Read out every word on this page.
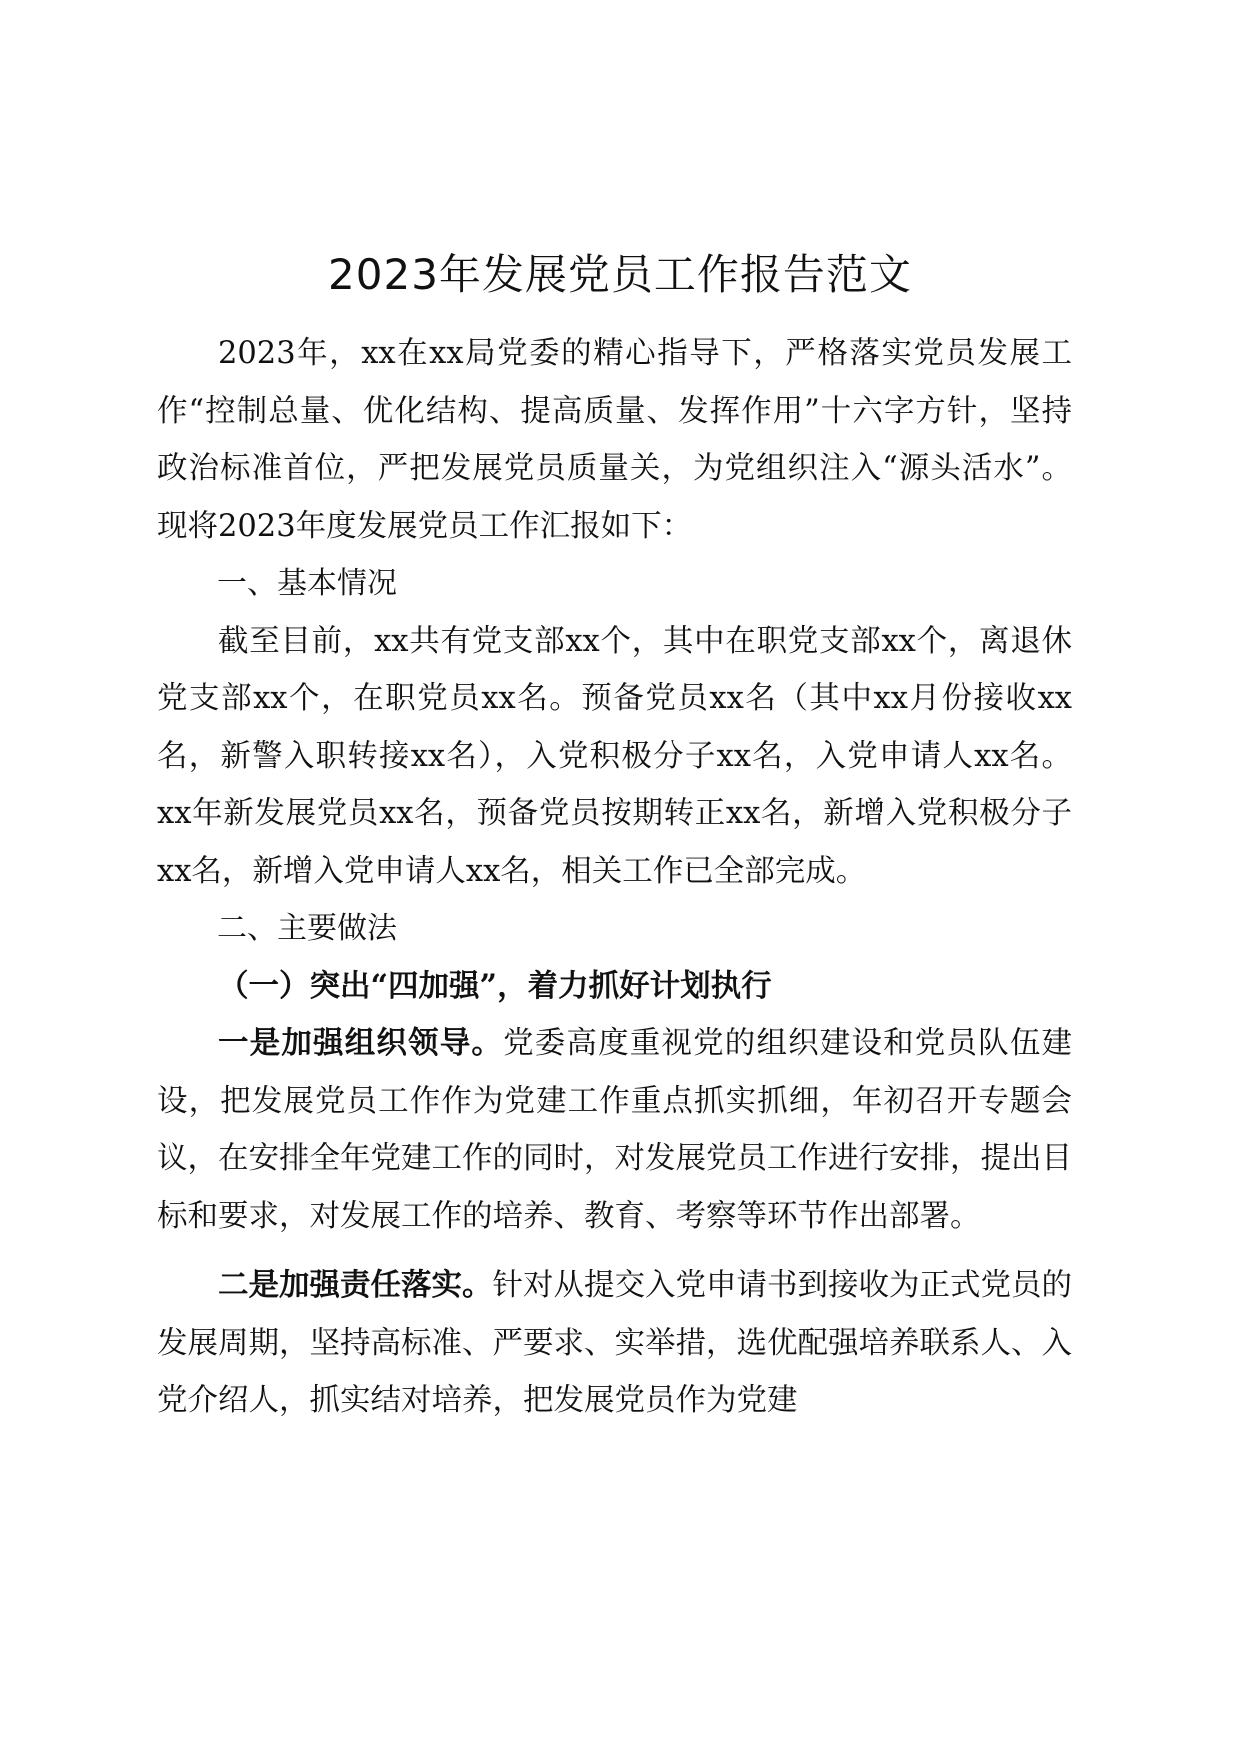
2023年发展党员工作报告范文

2023年，xx在xx局党委的精心指导下，严格落实党员发展工作“控制总量、优化结构、提高质量、发挥作用”十六字方针，坚持政治标准首位，严把发展党员质量关，为党组织注入“源头活水”。现将2023年度发展党员工作汇报如下：

一、基本情况

截至目前，xx共有党支部xx个，其中在职党支部xx个，离退休党支部xx个，在职党员xx名。预备党员xx名（其中xx月份接收xx名，新警入职转接xx名），入党积极分子xx名，入党申请人xx名。xx年新发展党员xx名，预备党员按期转正xx名，新增入党积极分子xx名，新增入党申请人xx名，相关工作已全部完成。

二、主要做法

（一）突出“四加强”，着力抓好计划执行

一是加强组织领导。党委高度重视党的组织建设和党员队伍建设，把发展党员工作作为党建工作重点抓实抓细，年初召开专题会议，在安排全年党建工作的同时，对发展党员工作进行安排，提出目标和要求，对发展工作的培养、教育、考察等环节作出部署。

二是加强责任落实。针对从提交入党申请书到接收为正式党员的发展周期，坚持高标准、严要求、实举措，选优配强培养联系人、入党介绍人，抓实结对培养，把发展党员作为党建
